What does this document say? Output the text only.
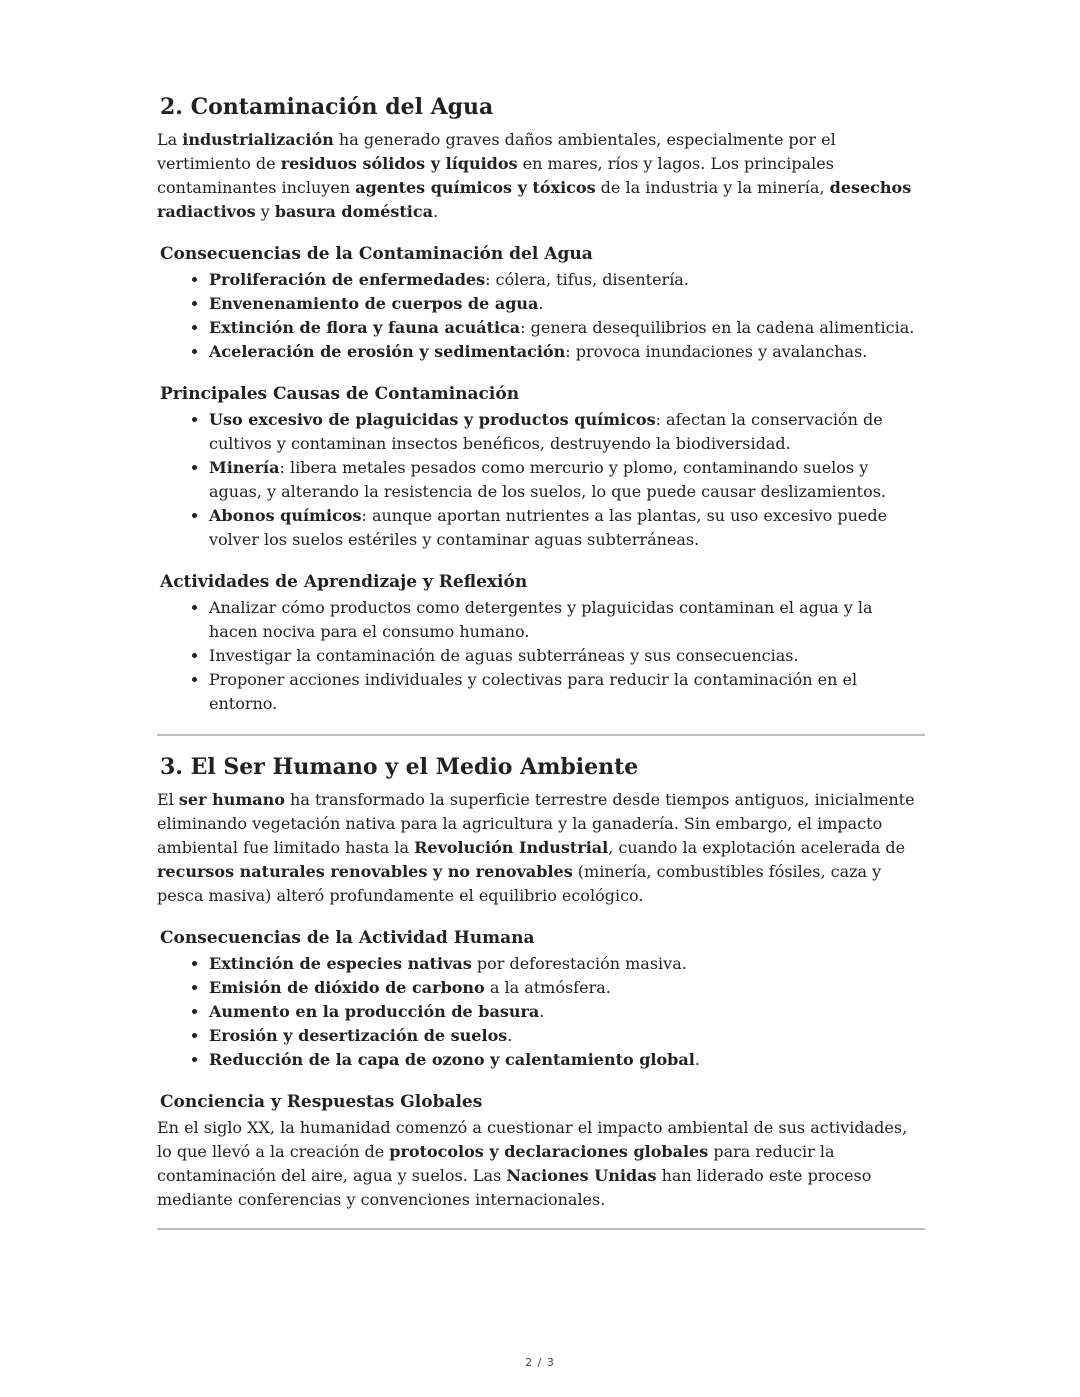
2. Contaminación del Agua

La industrialización ha generado graves daños ambientales, especialmente por el vertimiento de residuos sólidos y líquidos en mares, ríos y lagos. Los principales contaminantes incluyen agentes químicos y tóxicos de la industria y la minería, desechos radiactivos y basura doméstica.

Consecuencias de la Contaminación del Agua
• Proliferación de enfermedades: cólera, tifus, disentería.
• Envenenamiento de cuerpos de agua.
• Extinción de flora y fauna acuática: genera desequilibrios en la cadena alimenticia.
• Aceleración de erosión y sedimentación: provoca inundaciones y avalanchas.
Principales Causas de Contaminación
• Uso excesivo de plaguicidas y productos químicos: afectan la conservación de cultivos y contaminan insectos benéficos, destruyendo la biodiversidad.
• Minería: libera metales pesados como mercurio y plomo, contaminando suelos y aguas, y alterando la resistencia de los suelos, lo que puede causar deslizamientos.
• Abonos químicos: aunque aportan nutrientes a las plantas, su uso excesivo puede volver los suelos estériles y contaminar aguas subterráneas.
Actividades de Aprendizaje y Reflexión
• Analizar cómo productos como detergentes y plaguicidas contaminan el agua y la hacen nociva para el consumo humano.
• Investigar la contaminación de aguas subterráneas y sus consecuencias.
• Proponer acciones individuales y colectivas para reducir la contaminación en el entorno.
3. El Ser Humano y el Medio Ambiente

El ser humano ha transformado la superficie terrestre desde tiempos antiguos, inicialmente eliminando vegetación nativa para la agricultura y la ganadería. Sin embargo, el impacto ambiental fue limitado hasta la Revolución Industrial, cuando la explotación acelerada de recursos naturales renovables y no renovables (minería, combustibles fósiles, caza y pesca masiva) alteró profundamente el equilibrio ecológico.

Consecuencias de la Actividad Humana
• Extinción de especies nativas por deforestación masiva.
• Emisión de dióxido de carbono a la atmósfera.
• Aumento en la producción de basura.
• Erosión y desertización de suelos.
• Reducción de la capa de ozono y calentamiento global.
Conciencia y Respuestas Globales

En el siglo XX, la humanidad comenzó a cuestionar el impacto ambiental de sus actividades, lo que llevó a la creación de protocolos y declaraciones globales para reducir la contaminación del aire, agua y suelos. Las Naciones Unidas han liderado este proceso mediante conferencias y convenciones internacionales.

2 / 3
